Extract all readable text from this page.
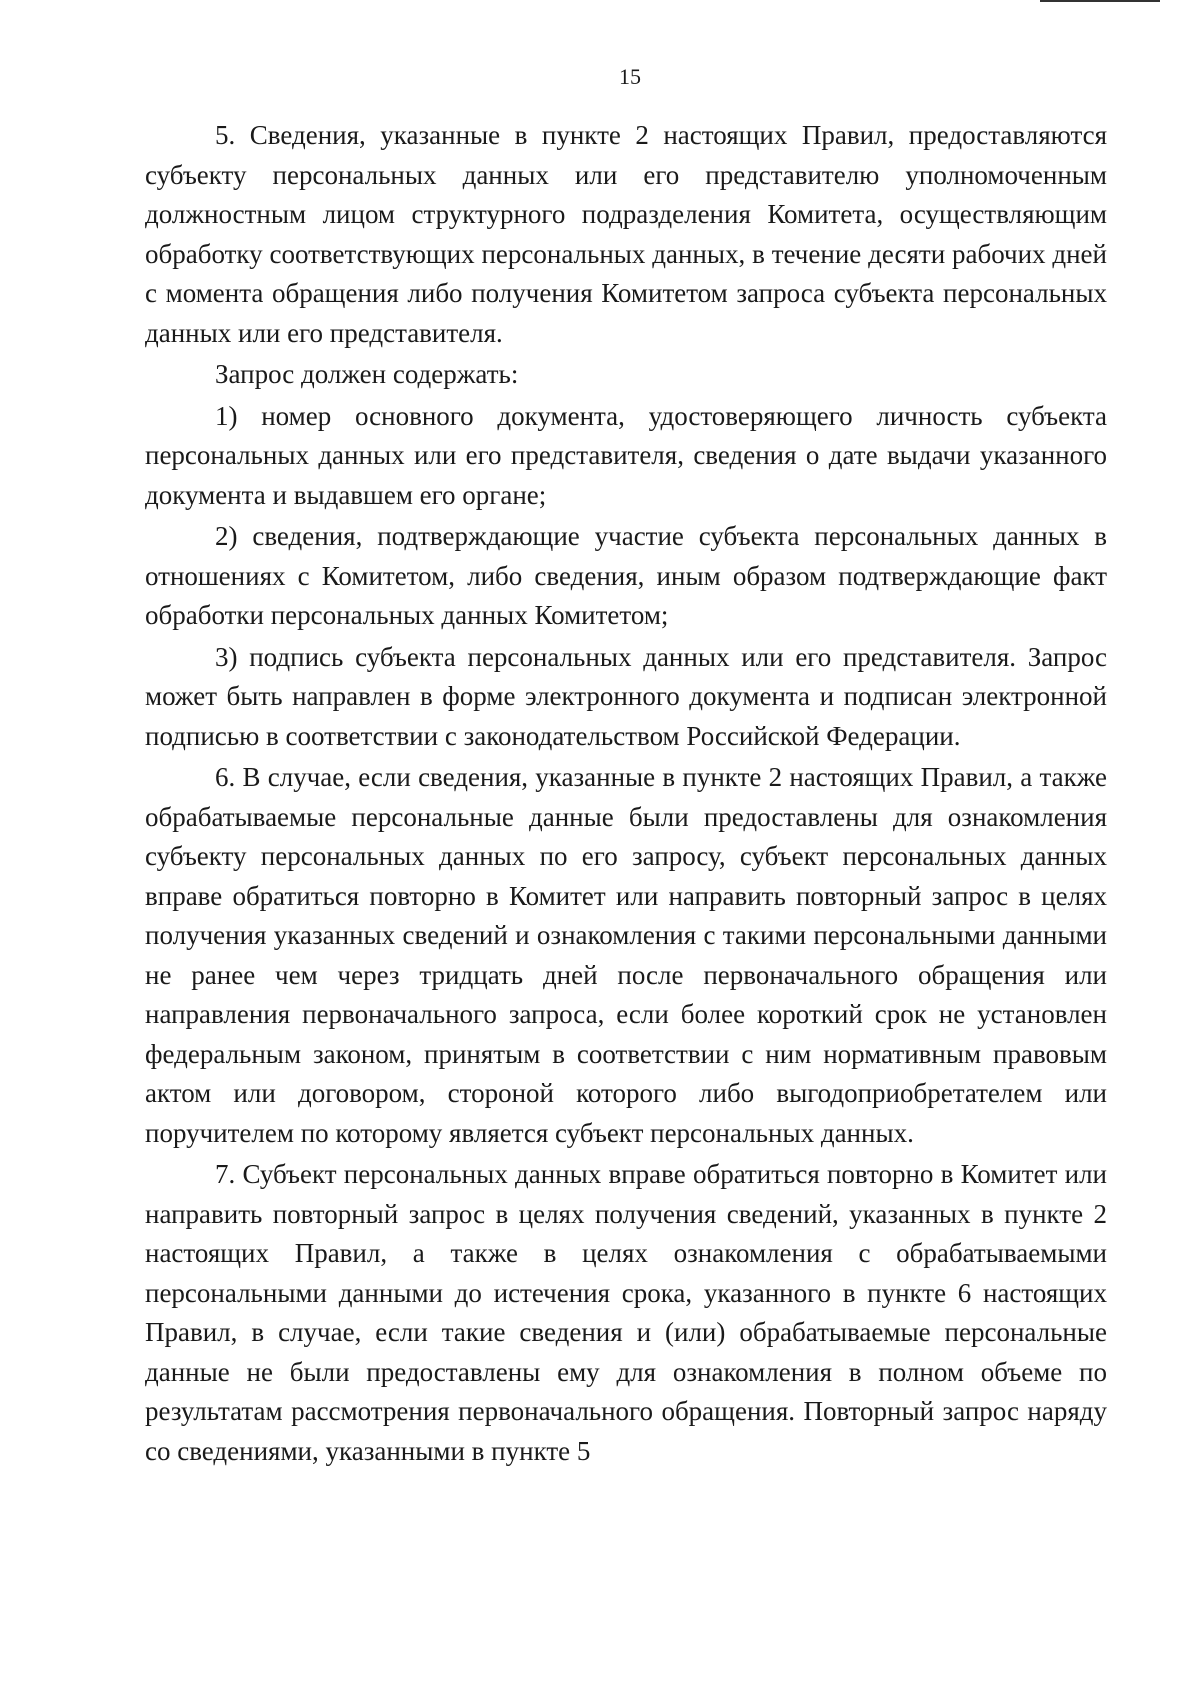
15

5. Сведения, указанные в пункте 2 настоящих Правил, предоставляются субъекту персональных данных или его представителю уполномоченным должностным лицом структурного подразделения Комитета, осуществляющим обработку соответствующих персональных данных, в течение десяти рабочих дней с момента обращения либо получения Комитетом запроса субъекта персональных данных или его представителя.

Запрос должен содержать:

1) номер основного документа, удостоверяющего личность субъекта персональных данных или его представителя, сведения о дате выдачи указанного документа и выдавшем его органе;

2) сведения, подтверждающие участие субъекта персональных данных в отношениях с Комитетом, либо сведения, иным образом подтверждающие факт обработки персональных данных Комитетом;

3) подпись субъекта персональных данных или его представителя. Запрос может быть направлен в форме электронного документа и подписан электронной подписью в соответствии с законодательством Российской Федерации.

6. В случае, если сведения, указанные в пункте 2 настоящих Правил, а также обрабатываемые персональные данные были предоставлены для ознакомления субъекту персональных данных по его запросу, субъект персональных данных вправе обратиться повторно в Комитет или направить повторный запрос в целях получения указанных сведений и ознакомления с такими персональными данными не ранее чем через тридцать дней после первоначального обращения или направления первоначального запроса, если более короткий срок не установлен федеральным законом, принятым в соответствии с ним нормативным правовым актом или договором, стороной которого либо выгодоприобретателем или поручителем по которому является субъект персональных данных.

7. Субъект персональных данных вправе обратиться повторно в Комитет или направить повторный запрос в целях получения сведений, указанных в пункте 2 настоящих Правил, а также в целях ознакомления с обрабатываемыми персональными данными до истечения срока, указанного в пункте 6 настоящих Правил, в случае, если такие сведения и (или) обрабатываемые персональные данные не были предоставлены ему для ознакомления в полном объеме по результатам рассмотрения первоначального обращения. Повторный запрос наряду со сведениями, указанными в пункте 5
